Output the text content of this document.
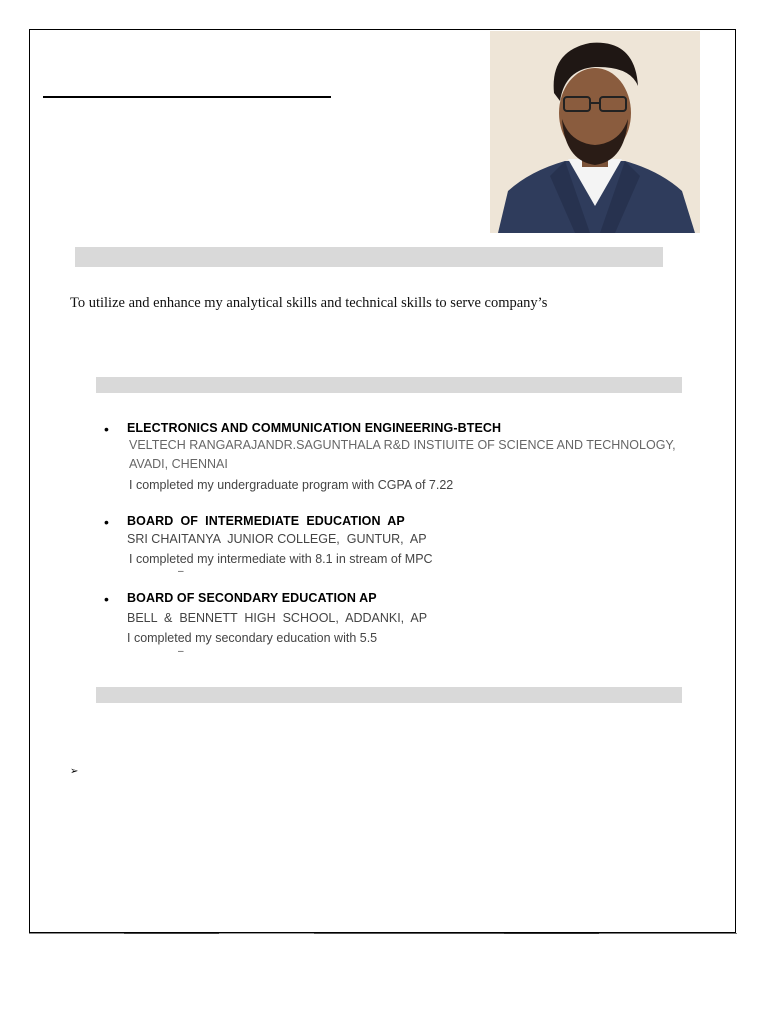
To utilize and enhance my analytical skills and technical skills to serve company’s
• ELECTRONICS AND COMMUNICATION ENGINEERING-BTECH
VELTECH RANGARAJANDR.SAGUNTHALA R&D INSTIUITE OF SCIENCE AND TECHNOLOGY,
AVADI, CHENNAI
I completed my undergraduate program with CGPA of 7.22
• BOARD  OF  INTERMEDIATE  EDUCATION  AP
SRI CHAITANYA  JUNIOR COLLEGE,  GUNTUR,  AP
I completed my intermediate with 8.1 in stream of MPC
–
• BOARD OF SECONDARY EDUCATION AP
BELL  &  BENNETT  HIGH  SCHOOL,  ADDANKI,  AP
I completed my secondary education with 5.5
–
➢
